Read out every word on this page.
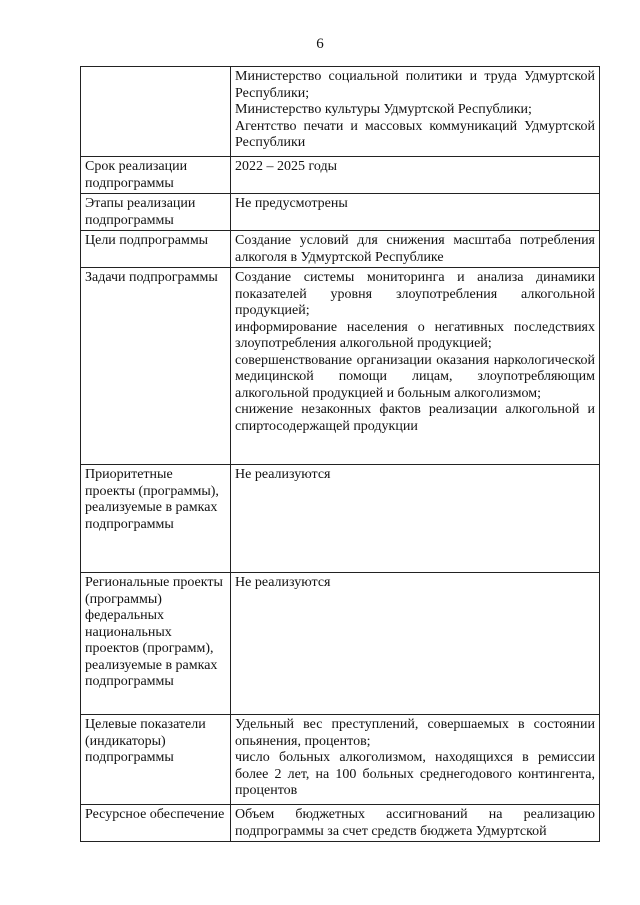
6

	Министерство социальной политики и труда Удмуртской Республики;

Министерство культуры Удмуртской Республики;

Агентство печати и массовых коммуникаций Удмуртской Республики

Срок реализации подпрограммы	2022 – 2025 годы

Этапы реализации подпрограммы	Не предусмотрены

Цели подпрограммы	Создание условий для снижения масштаба потребления алкоголя в Удмуртской Республике

Задачи подпрограммы	Создание системы мониторинга и анализа динамики показателей уровня злоупотребления алкогольной продукцией;

информирование населения о негативных последствиях злоупотребления алкогольной продукцией;

совершенствование организации оказания наркологической медицинской помощи лицам, злоупотребляющим алкогольной продукцией и больным алкоголизмом;

снижение незаконных фактов реализации алкогольной и спиртосодержащей продукции

Приоритетные проекты (программы), реализуемые в рамках подпрограммы	Не реализуются

Региональные проекты (программы) федеральных национальных проектов (программ), реализуемые в рамках подпрограммы	Не реализуются

Целевые показатели (индикаторы) подпрограммы	Удельный вес преступлений, совершаемых в состоянии опьянения, процентов;

число больных алкоголизмом, находящихся в ремиссии более 2 лет, на 100 больных среднегодового контингента, процентов

Ресурсное обеспечение	Объем бюджетных ассигнований на реализацию подпрограммы за счет средств бюджета Удмуртской
